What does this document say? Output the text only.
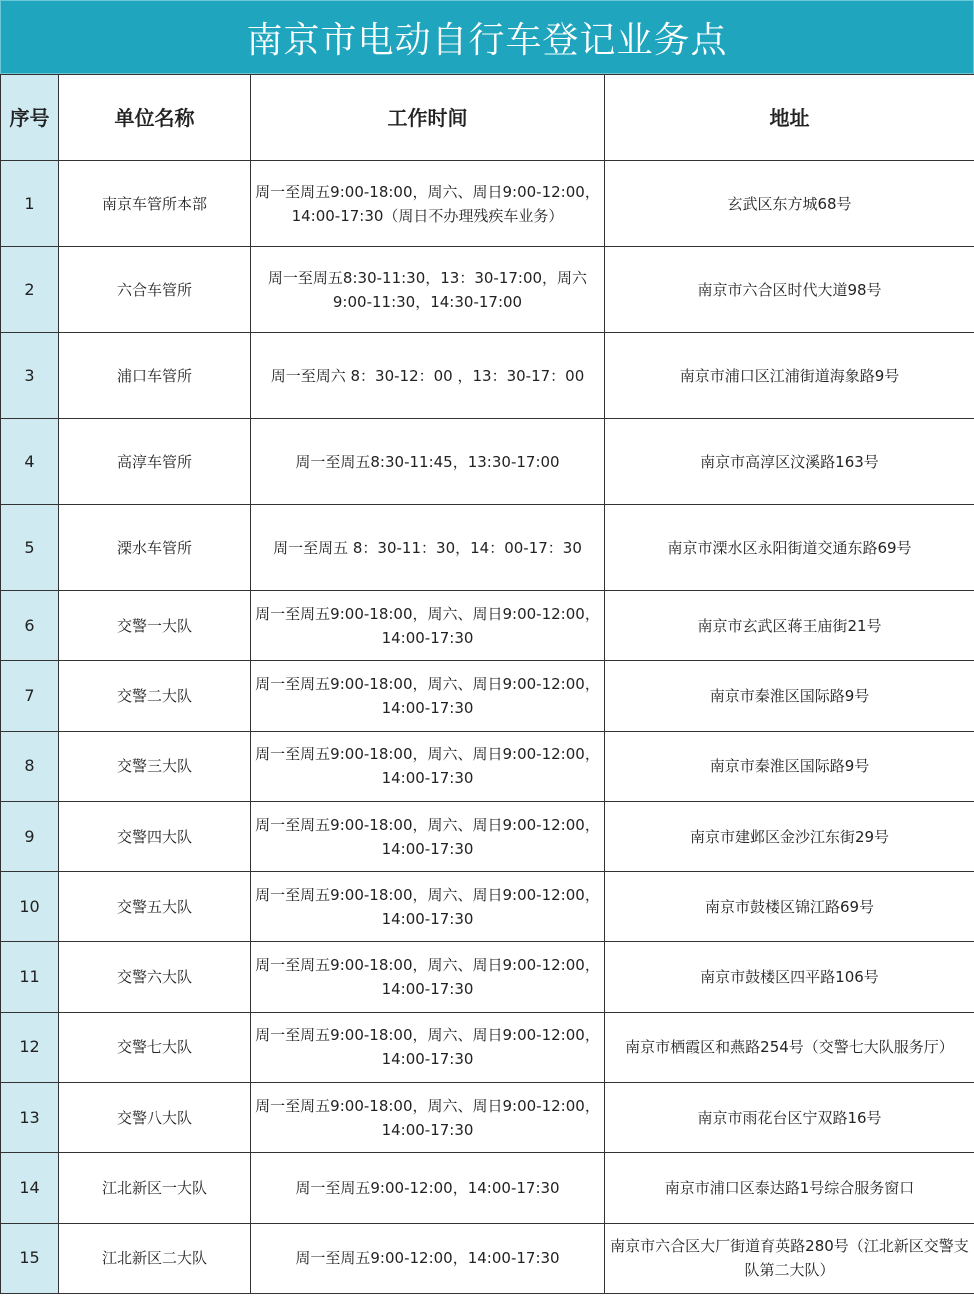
南京市电动自行车登记业务点
序号	单位名称	工作时间	地址
1	南京车管所本部	周一至周五9:00-18:00，周六、周日9:00-12:00，14:00-17:30（周日不办理残疾车业务）	玄武区东方城68号
2	六合车管所	周一至周五8:30-11:30，13：30-17:00，周六9:00-11:30，14:30-17:00	南京市六合区时代大道98号
3	浦口车管所	周一至周六 8：30-12：00 ，13：30-17：00	南京市浦口区江浦街道海象路9号
4	高淳车管所	周一至周五8:30-11:45，13:30-17:00	南京市高淳区汶溪路163号
5	溧水车管所	周一至周五 8：30-11：30，14：00-17：30	南京市溧水区永阳街道交通东路69号
6	交警一大队	周一至周五9:00-18:00，周六、周日9:00-12:00，14:00-17:30	南京市玄武区蒋王庙街21号
7	交警二大队	周一至周五9:00-18:00，周六、周日9:00-12:00，14:00-17:30	南京市秦淮区国际路9号
8	交警三大队	周一至周五9:00-18:00，周六、周日9:00-12:00，14:00-17:30	南京市秦淮区国际路9号
9	交警四大队	周一至周五9:00-18:00，周六、周日9:00-12:00，14:00-17:30	南京市建邺区金沙江东街29号
10	交警五大队	周一至周五9:00-18:00，周六、周日9:00-12:00，14:00-17:30	南京市鼓楼区锦江路69号
11	交警六大队	周一至周五9:00-18:00，周六、周日9:00-12:00，14:00-17:30	南京市鼓楼区四平路106号
12	交警七大队	周一至周五9:00-18:00，周六、周日9:00-12:00，14:00-17:30	南京市栖霞区和燕路254号（交警七大队服务厅）
13	交警八大队	周一至周五9:00-18:00，周六、周日9:00-12:00，14:00-17:30	南京市雨花台区宁双路16号
14	江北新区一大队	周一至周五9:00-12:00，14:00-17:30	南京市浦口区泰达路1号综合服务窗口
15	江北新区二大队	周一至周五9:00-12:00，14:00-17:30	南京市六合区大厂街道育英路280号（江北新区交警支队第二大队）
